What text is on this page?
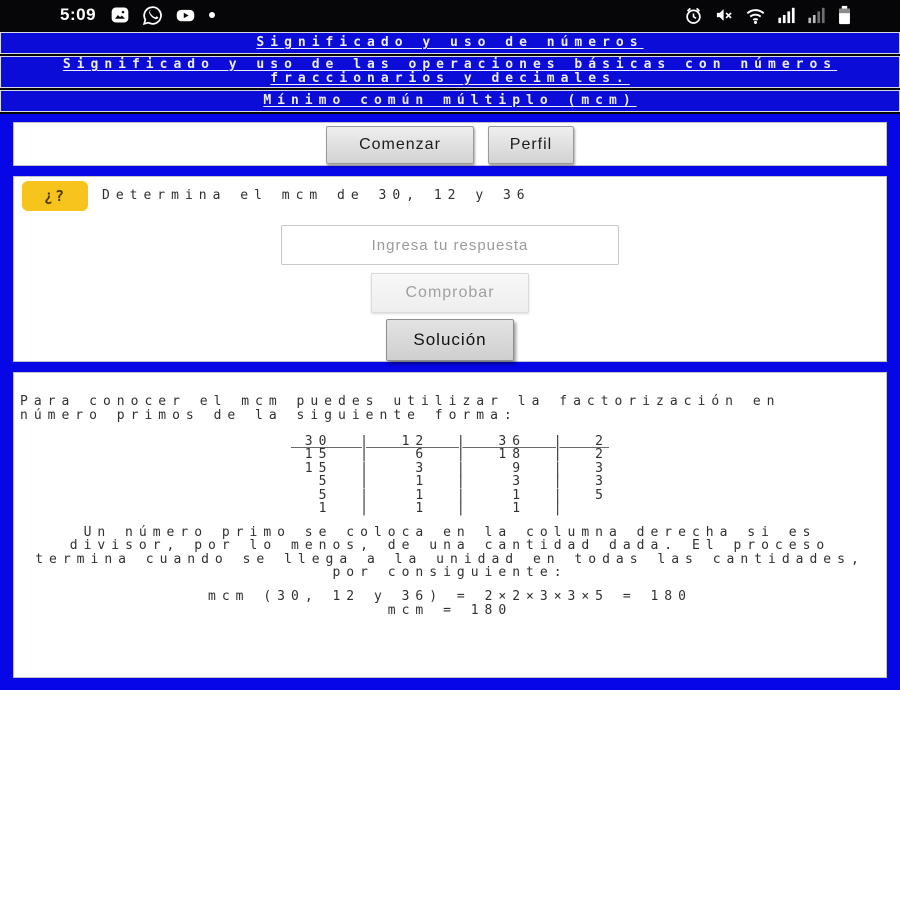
5:09
Significado y uso de números
Significado y uso de las operaciones básicas con números fraccionarios y decimales.
Mínimo común múltiplo (mcm)
Comenzar	Perfil
¿?	Determina el mcm de 30, 12 y 36
Ingresa tu respuesta
Comprobar
Solución
Para conocer el mcm puedes utilizar la factorización en
número primos de la siguiente forma:
30  |  12  |  36  |  2
15  |   6  |  18  |  2
15  |   3  |   9  |  3
5  |   1  |   3  |  3
5  |   1  |   1  |  5
1  |   1  |   1  |
Un número primo se coloca en la columna derecha si es
divisor, por lo menos, de una cantidad dada. El proceso
termina cuando se llega a la unidad en todas las cantidades,
por consiguiente:
mcm (30, 12 y 36) = 2×2×3×3×5 = 180
mcm = 180
